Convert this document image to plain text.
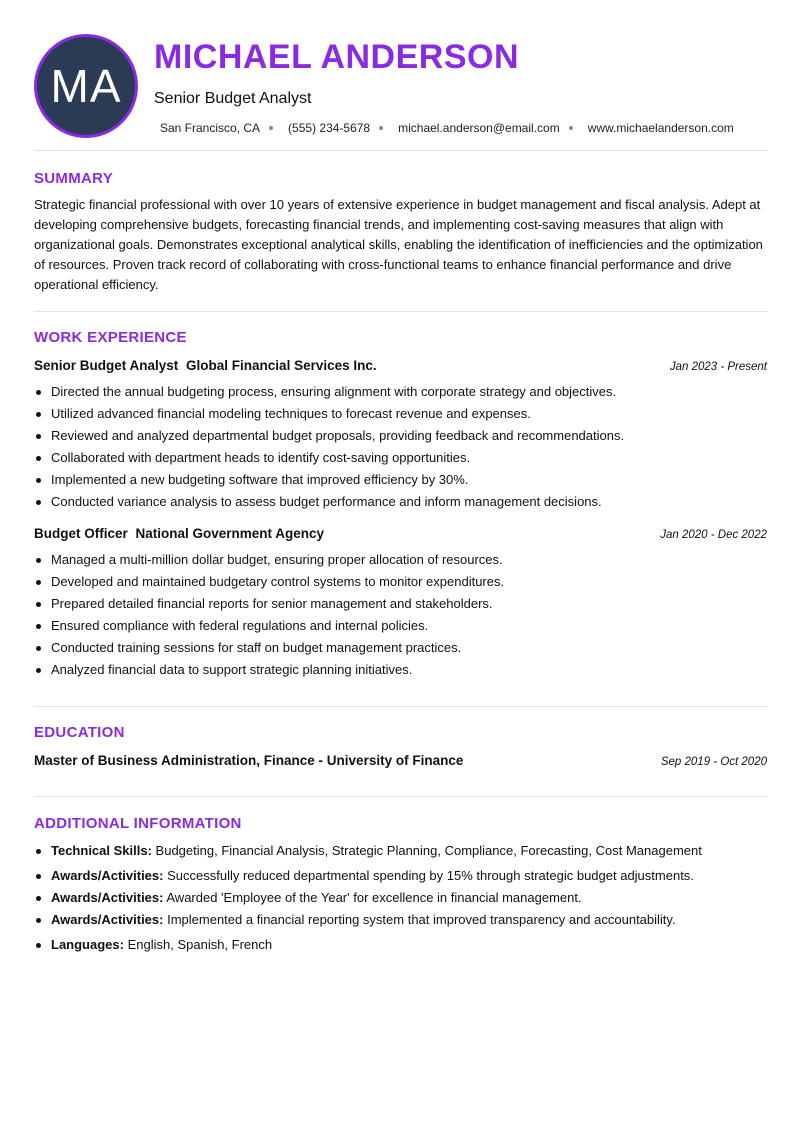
MA
MICHAEL ANDERSON
Senior Budget Analyst
San Francisco, CA (555) 234-5678 michael.anderson@email.com www.michaelanderson.com
SUMMARY
Strategic financial professional with over 10 years of extensive experience in budget management and fiscal analysis. Adept at developing comprehensive budgets, forecasting financial trends, and implementing cost-saving measures that align with organizational goals. Demonstrates exceptional analytical skills, enabling the identification of inefficiencies and the optimization of resources. Proven track record of collaborating with cross-functional teams to enhance financial performance and drive operational efficiency.
WORK EXPERIENCE
Senior Budget Analyst Global Financial Services Inc.	Jan 2023 - Present
Directed the annual budgeting process, ensuring alignment with corporate strategy and objectives.
Utilized advanced financial modeling techniques to forecast revenue and expenses.
Reviewed and analyzed departmental budget proposals, providing feedback and recommendations.
Collaborated with department heads to identify cost-saving opportunities.
Implemented a new budgeting software that improved efficiency by 30%.
Conducted variance analysis to assess budget performance and inform management decisions.
Budget Officer National Government Agency	Jan 2020 - Dec 2022
Managed a multi-million dollar budget, ensuring proper allocation of resources.
Developed and maintained budgetary control systems to monitor expenditures.
Prepared detailed financial reports for senior management and stakeholders.
Ensured compliance with federal regulations and internal policies.
Conducted training sessions for staff on budget management practices.
Analyzed financial data to support strategic planning initiatives.
EDUCATION
Master of Business Administration, Finance - University of Finance	Sep 2019 - Oct 2020
ADDITIONAL INFORMATION
Technical Skills: Budgeting, Financial Analysis, Strategic Planning, Compliance, Forecasting, Cost Management
Awards/Activities: Successfully reduced departmental spending by 15% through strategic budget adjustments.
Awards/Activities: Awarded 'Employee of the Year' for excellence in financial management.
Awards/Activities: Implemented a financial reporting system that improved transparency and accountability.
Languages: English, Spanish, French
